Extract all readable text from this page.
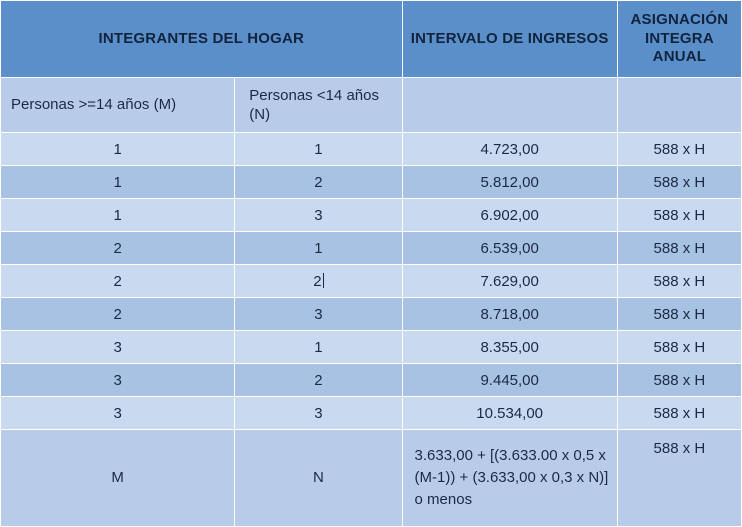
INTEGRANTES DEL HOGAR		INTERVALO DE INGRESOS	ASIGNACIÓN INTEGRA ANUAL
Personas >=14 años (M)	Personas <14 años (N)		
1	1	4.723,00	588 x H
1	2	5.812,00	588 x H
1	3	6.902,00	588 x H
2	1	6.539,00	588 x H
2	2	7.629,00	588 x H
2	3	8.718,00	588 x H
3	1	8.355,00	588 x H
3	2	9.445,00	588 x H
3	3	10.534,00	588 x H
M	N	3.633,00 + [(3.633.00 x 0,5 x (M-1)) + (3.633,00 x 0,3 x N)] o menos	588 x H
